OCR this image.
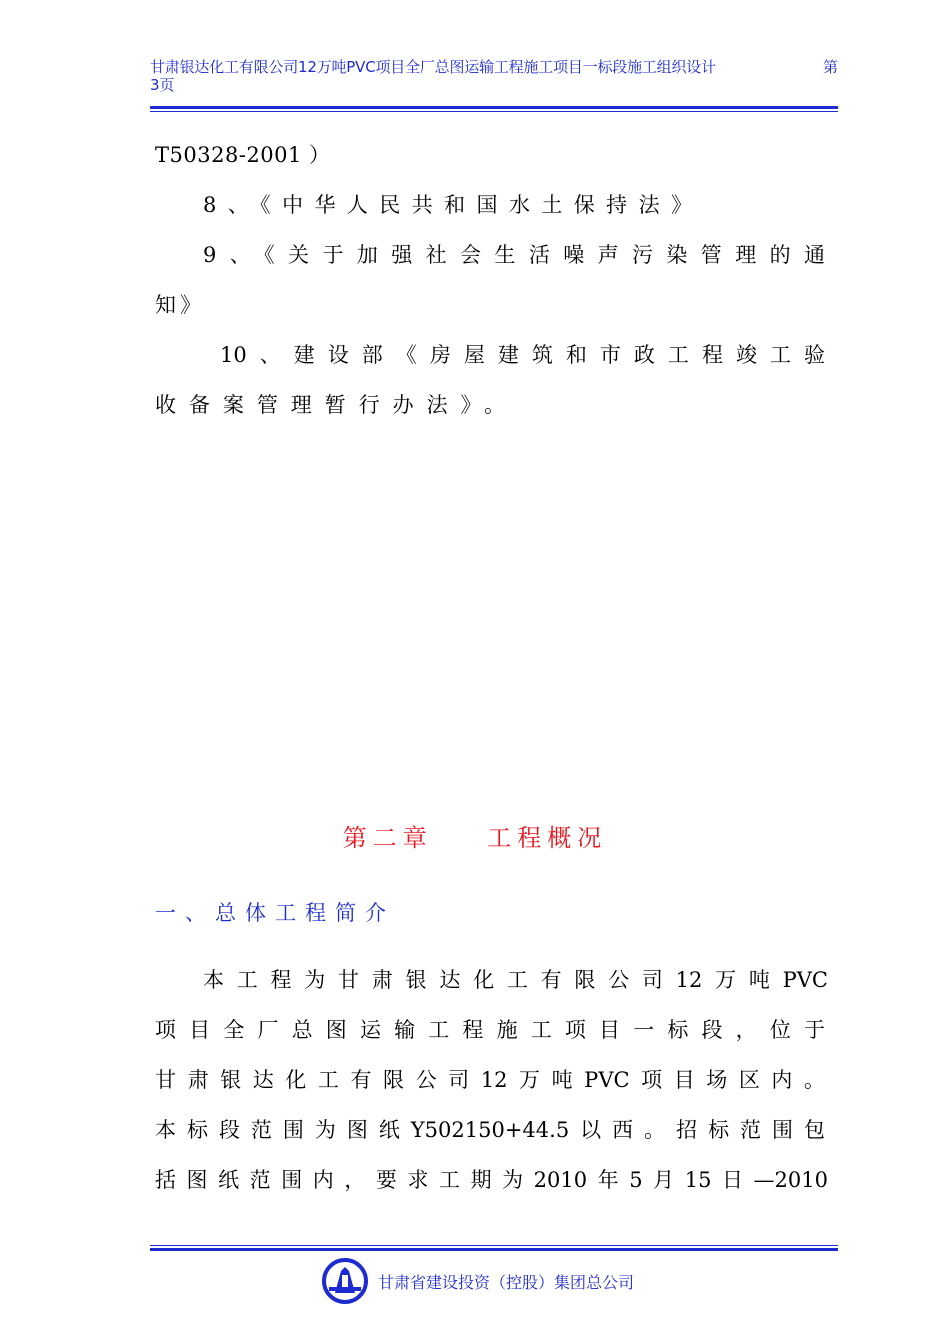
甘肃银达化工有限公司12万吨PVC项目全厂总图运输工程施工项目一标段施工组织设计	第
3页
T50328-2001 ）
8、《中华人民共和国水土保持法》
9、《关于加强社会生活噪声污染管理的通
知》
10、建设部《房屋建筑和市政工程竣工验
收备案管理暂行办法》。
第二章    工程概况
一、总体工程简介
本工程为甘肃银达化工有限公司12万吨PVC
项目全厂总图运输工程施工项目一标段，位于
甘肃银达化工有限公司12万吨PVC项目场区内。
本标段范围为图纸Y502150+44.5以西。招标范围包
括图纸范围内，要求工期为2010年5月15日—2010
甘肃省建设投资（控股）集团总公司
